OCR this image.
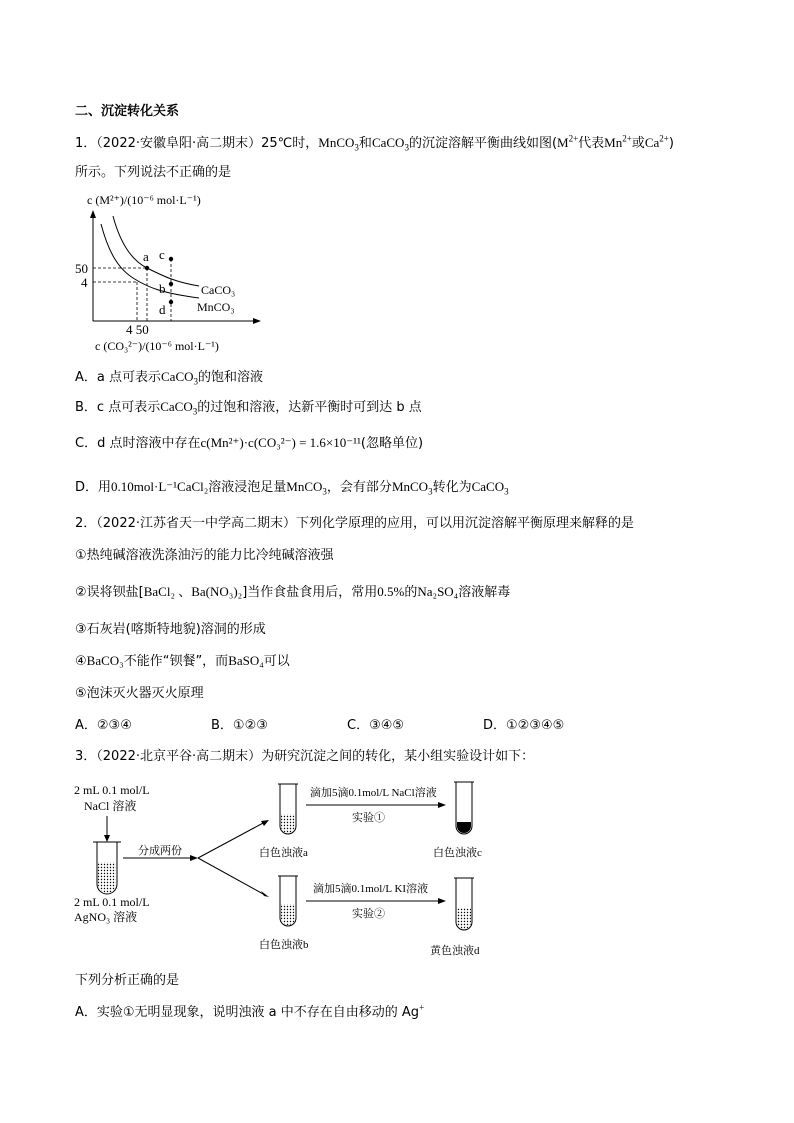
二、沉淀转化关系
1．（2022·安徽阜阳·高二期末）25℃时，MnCO$_3$和CaCO$_3$的沉淀溶解平衡曲线如图($M^{2+}$代表$Mn^{2+}$或$Ca^{2+}$)
所示。下列说法不正确的是
c (M²⁺)/(10⁻⁶ mol·L⁻¹)
a c
b
d
CaCO₃
MnCO₃
50
4
4 50
c (CO₃²⁻)/(10⁻⁶ mol·L⁻¹)
A．a 点可表示CaCO$_3$的饱和溶液
B．c 点可表示CaCO$_3$的过饱和溶液，达新平衡时可到达 b 点
C．d 点时溶液中存在c(Mn²⁺)·c(CO₃²⁻) = 1.6×10⁻¹¹(忽略单位)
D．用0.10mol·L⁻¹CaCl₂溶液浸泡足量MnCO$_3$，会有部分MnCO$_3$转化为CaCO$_3$
2．（2022·江苏省天一中学高二期末）下列化学原理的应用，可以用沉淀溶解平衡原理来解释的是
①热纯碱溶液洗涤油污的能力比冷纯碱溶液强
②误将钡盐[BaCl₂ 、Ba(NO₃)₂]当作食盐食用后，常用0.5%的Na₂SO₄溶液解毒
③石灰岩(喀斯特地貌)溶洞的形成
④BaCO₃不能作“钡餐”，而BaSO₄可以
⑤泡沫灭火器灭火原理
A．②③④	B．①②③	C．③④⑤	D．①②③④⑤
3．（2022·北京平谷·高二期末）为研究沉淀之间的转化，某小组实验设计如下：
2 mL 0.1 mol/L
NaCl 溶液
2 mL 0.1 mol/L
AgNO₃ 溶液
分成两份	白色浊液a
白色浊液b
滴加5滴0.1mol/L NaCl溶液
实验①
白色浊液c
滴加5滴0.1mol/L KI溶液
实验②
黄色浊液d
下列分析正确的是
A．实验①无明显现象，说明浊液 a 中不存在自由移动的 Ag+
